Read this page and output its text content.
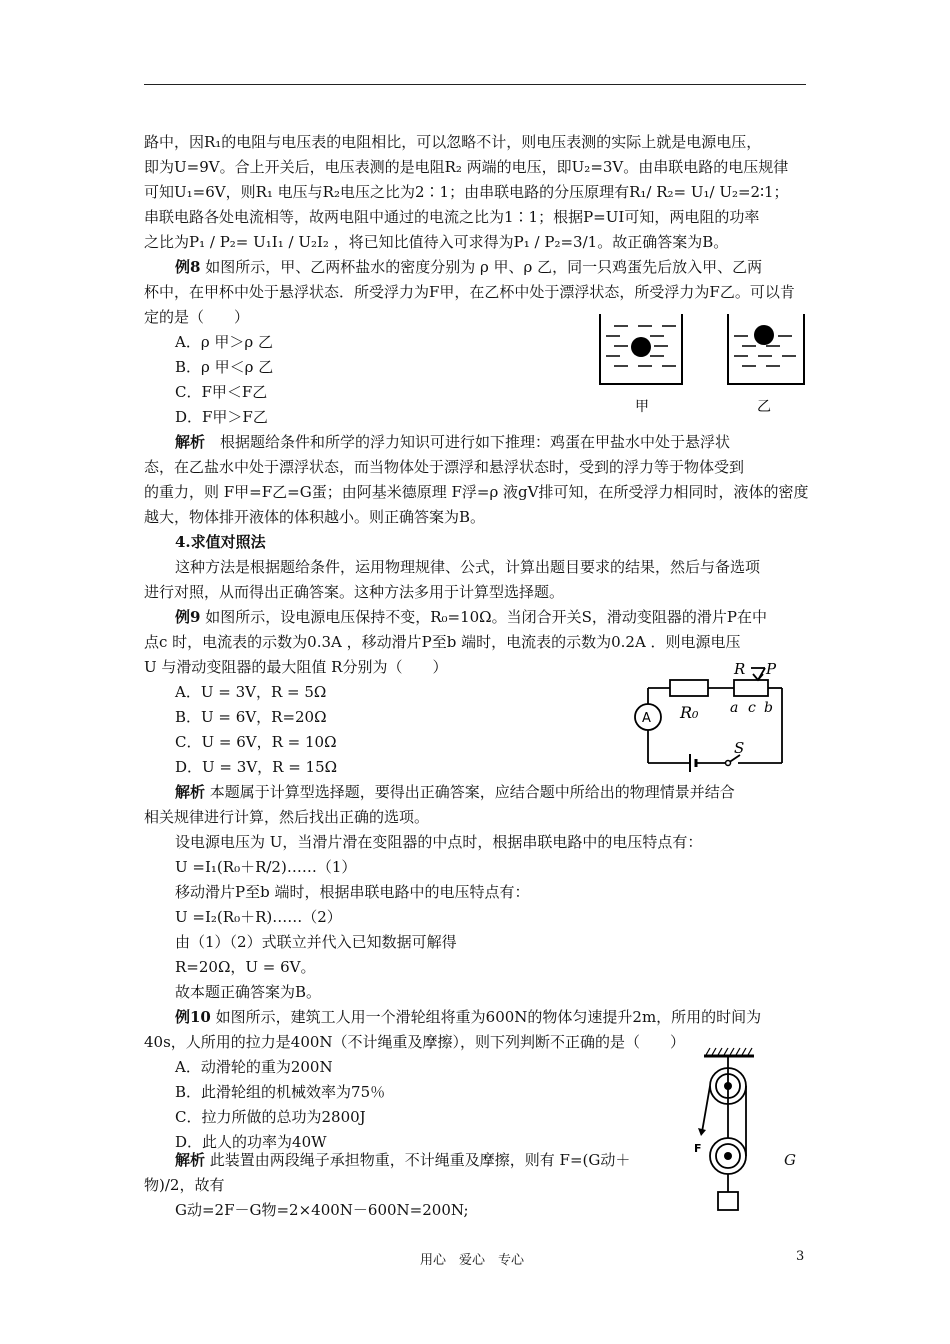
路中，因R₁的电阻与电压表的电阻相比，可以忽略不计，则电压表测的实际上就是电源电压，
即为U=9V。合上开关后，电压表测的是电阻R₂ 两端的电压，即U₂=3V。由串联电路的电压规律
可知U₁=6V，则R₁ 电压与R₂电压之比为2∶1；由串联电路的分压原理有R₁/ R₂= U₁/ U₂=2∶1；
串联电路各处电流相等，故两电阻中通过的电流之比为1∶1；根据P=UI可知，两电阻的功率
之比为P₁ / P₂= U₁I₁ / U₂I₂ ，将已知比值待入可求得为P₁ / P₂=3/1。故正确答案为B。
例8 如图所示，甲、乙两杯盐水的密度分别为 ρ 甲、ρ 乙，同一只鸡蛋先后放入甲、乙两
杯中，在甲杯中处于悬浮状态．所受浮力为F甲，在乙杯中处于漂浮状态，所受浮力为F乙。可以肯
定的是（　　）
A．ρ 甲＞ρ 乙
B．ρ 甲＜ρ 乙
C．F甲＜F乙
D．F甲＞F乙
甲	乙
解析　根据题给条件和所学的浮力知识可进行如下推理：鸡蛋在甲盐水中处于悬浮状
态，在乙盐水中处于漂浮状态，而当物体处于漂浮和悬浮状态时，受到的浮力等于物体受到
的重力，则 F甲=F乙=G蛋；由阿基米德原理 F浮=ρ 液gV排可知，在所受浮力相同时，液体的密度
越大，物体排开液体的体积越小。则正确答案为B。
4.求值对照法
这种方法是根据题给条件，运用物理规律、公式，计算出题目要求的结果，然后与备选项
进行对照，从而得出正确答案。这种方法多用于计算型选择题。
例9 如图所示，设电源电压保持不变，R₀=10Ω。当闭合开关S，滑动变阻器的滑片P在中
点c 时，电流表的示数为0.3A ，移动滑片P至b 端时，电流表的示数为0.2A ．则电源电压
U 与滑动变阻器的最大阻值 R分别为（　　）
A．U = 3V，R = 5Ω
B．U = 6V，R=20Ω
C．U = 6V，R = 10Ω
D．U = 3V，R = 15Ω
R P
a c b
R₀
S
A
解析 本题属于计算型选择题，要得出正确答案，应结合题中所给出的物理情景并结合
相关规律进行计算，然后找出正确的选项。
设电源电压为 U，当滑片滑在变阻器的中点时，根据串联电路中的电压特点有：
U =I₁(R₀＋R/2)……（1）
移动滑片P至b 端时，根据串联电路中的电压特点有：
U =I₂(R₀＋R)……（2）
由（1）（2）式联立并代入已知数据可解得
R=20Ω，U = 6V。
故本题正确答案为B。
例10 如图所示，建筑工人用一个滑轮组将重为600N的物体匀速提升2m，所用的时间为
40s，人所用的拉力是400N（不计绳重及摩擦），则下列判断不正确的是（　　）
A．动滑轮的重为200N
B．此滑轮组的机械效率为75％
C．拉力所做的总功为2800J
D．此人的功率为40W	F
解析 此装置由两段绳子承担物重，不计绳重及摩擦，则有 F=(G动＋	G
物)/2，故有
G动=2F－G物=2×400N－600N=200N;
用心　爱心　专心	3
